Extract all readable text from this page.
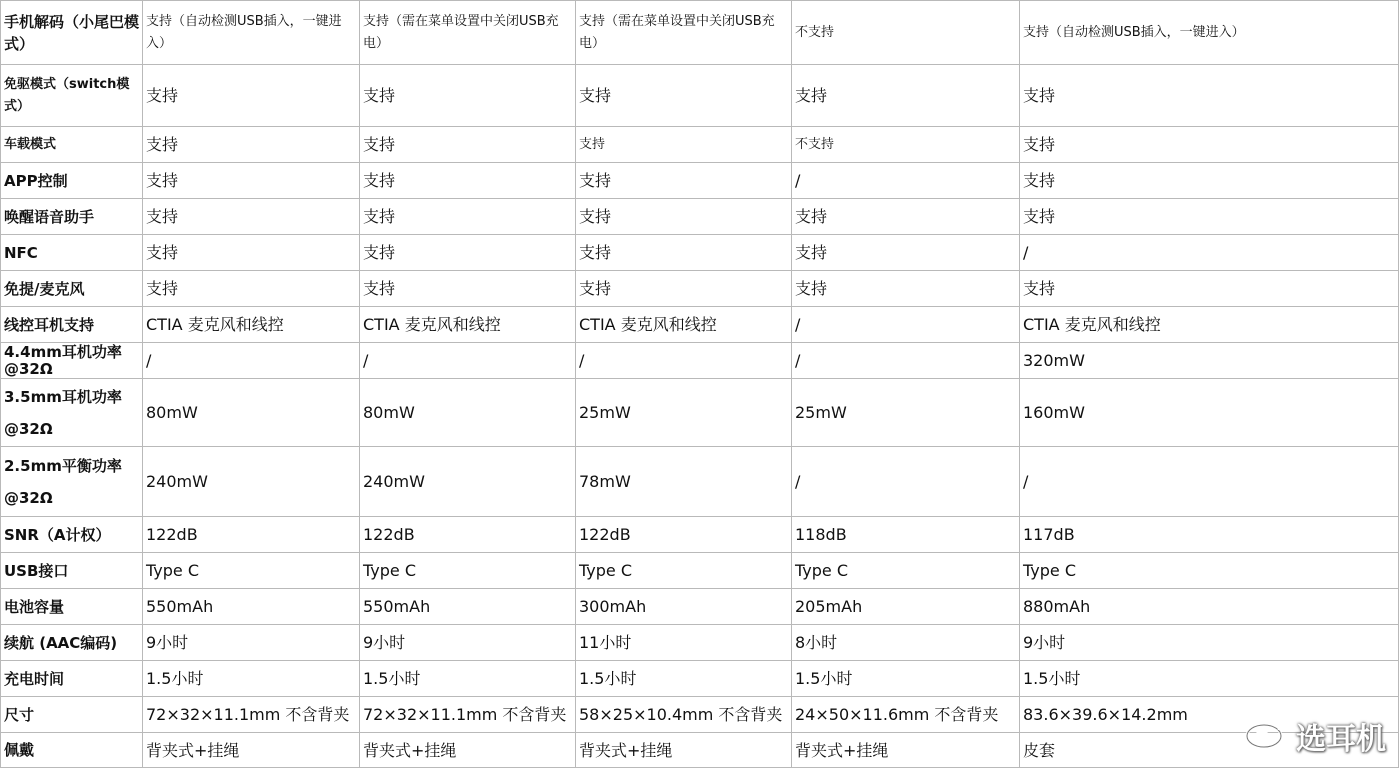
手机解码（小尾巴模式）	支持（自动检测USB插入，一键进入）	支持（需在菜单设置中关闭USB充电）	支持（需在菜单设置中关闭USB充电）	不支持	支持（自动检测USB插入，一键进入）
免驱模式（switch模式）	支持	支持	支持	支持	支持
车载模式	支持	支持	支持	不支持	支持
APP控制	支持	支持	支持	/	支持
唤醒语音助手	支持	支持	支持	支持	支持
NFC	支持	支持	支持	支持	/
免提/麦克风	支持	支持	支持	支持	支持
线控耳机支持	CTIA 麦克风和线控	CTIA 麦克风和线控	CTIA 麦克风和线控	/	CTIA 麦克风和线控
4.4mm耳机功率@32Ω	/	/	/	/	320mW
3.5mm耳机功率@32Ω	80mW	80mW	25mW	25mW	160mW
2.5mm平衡功率@32Ω	240mW	240mW	78mW	/	/
SNR（A计权）	122dB	122dB	122dB	118dB	117dB
USB接口	Type C	Type C	Type C	Type C	Type C
电池容量	550mAh	550mAh	300mAh	205mAh	880mAh
续航 (AAC编码)	9小时	9小时	11小时	8小时	9小时
充电时间	1.5小时	1.5小时	1.5小时	1.5小时	1.5小时
尺寸	72×32×11.1mm 不含背夹	72×32×11.1mm 不含背夹	58×25×10.4mm 不含背夹	24×50×11.6mm 不含背夹	83.6×39.6×14.2mm
佩戴	背夹式+挂绳	背夹式+挂绳	背夹式+挂绳	背夹式+挂绳	皮套	选耳机
